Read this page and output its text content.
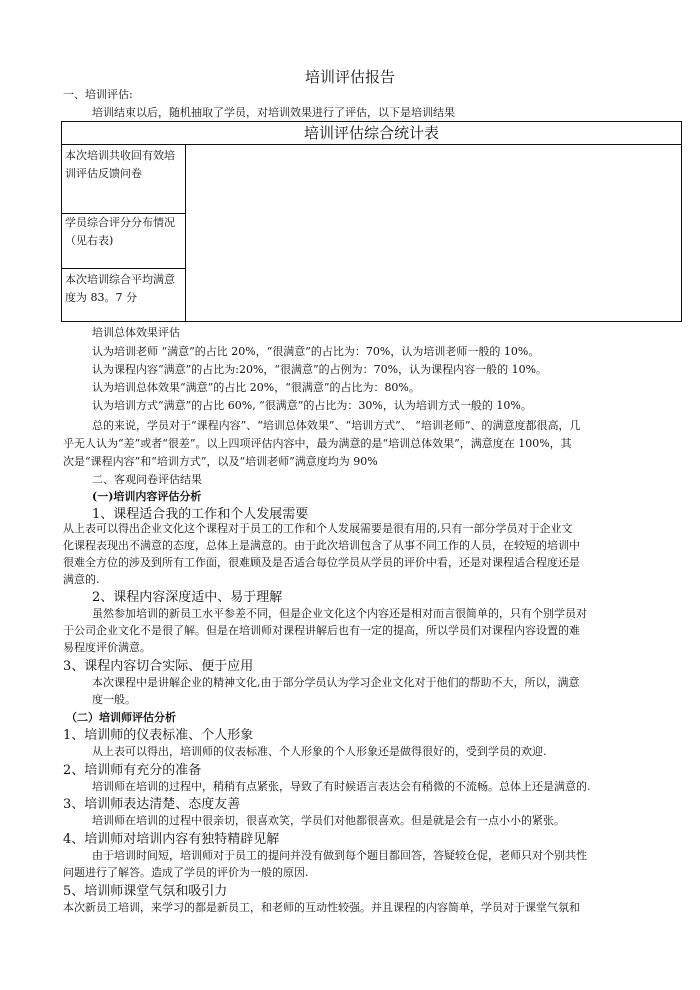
培训评估报告
一、培训评估:
培训结束以后，随机抽取了学员，对培训效果进行了评估，以下是培训结果
培训评估综合统计表

本次培训共收回有效培训评估反馈问卷

学员综合评分分布情况（见右表)

本次培训综合平均满意度为 83。7 分
培训总体效果评估
认为培训老师 “满意”的占比 20%，“很满意”的占比为：70%，认为培训老师一般的 10%。
认为课程内容“满意”的占比为:20%，“很满意”的占例为：70%，认为课程内容一般的 10%。
认为培训总体效果“满意”的占比 20%，“很满意”的占比为：80%。
认为培训方式“满意”的占比 60%, “很满意”的占比为：30%，认为培训方式一般的 10%。
总的来说，学员对于“课程内容”、“培训总体效果”、“培训方式”、 “培训老师”、的满意度都很高，几
乎无人认为“差”或者“很差”。以上四项评估内容中，最为满意的是“培训总体效果”，满意度在 100%，其
次是“课程内容”和“培训方式”，以及“培训老师”满意度均为 90%
二、客观问卷评估结果
(一)培训内容评估分析
1、课程适合我的工作和个人发展需要
从上表可以得出企业文化这个课程对于员工的工作和个人发展需要是很有用的,只有一部分学员对于企业文
化课程表现出不满意的态度，总体上是满意的。由于此次培训包含了从事不同工作的人员，在较短的培训中
很难全方位的涉及到所有工作面，很难顾及是否适合每位学员从学员的评价中看，还是对课程适合程度还是
满意的.
2、课程内容深度适中、易于理解
虽然参加培训的新员工水平参差不同，但是企业文化这个内容还是相对而言很简单的，只有个别学员对
于公司企业文化不是很了解。但是在培训师对课程讲解后也有一定的提高，所以学员们对课程内容设置的难
易程度评价满意。
3、课程内容切合实际、便于应用
本次课程中是讲解企业的精神文化,由于部分学员认为学习企业文化对于他们的帮助不大，所以，满意
度一般。
（二）培训师评估分析
1、培训师的仪表标准、个人形象
从上表可以得出，培训师的仪表标准、个人形象的个人形象还是做得很好的，受到学员的欢迎.
2、培训师有充分的准备
培训师在培训的过程中，稍稍有点紧张，导致了有时候语言表达会有稍微的不流畅。总体上还是满意的.
3、培训师表达清楚、态度友善
培训师在培训的过程中很亲切，很喜欢笑，学员们对他都很喜欢。但是就是会有一点小小的紧张。
4、培训师对培训内容有独特精辟见解
由于培训时间短，培训师对于员工的提问并没有做到每个题目都回答，答疑较仓促，老师只对个别共性
问题进行了解答。造成了学员的评价为一般的原因.
5、培训师课堂气氛和吸引力
本次新员工培训，来学习的都是新员工，和老师的互动性较强。并且课程的内容简单，学员对于课堂气氛和
